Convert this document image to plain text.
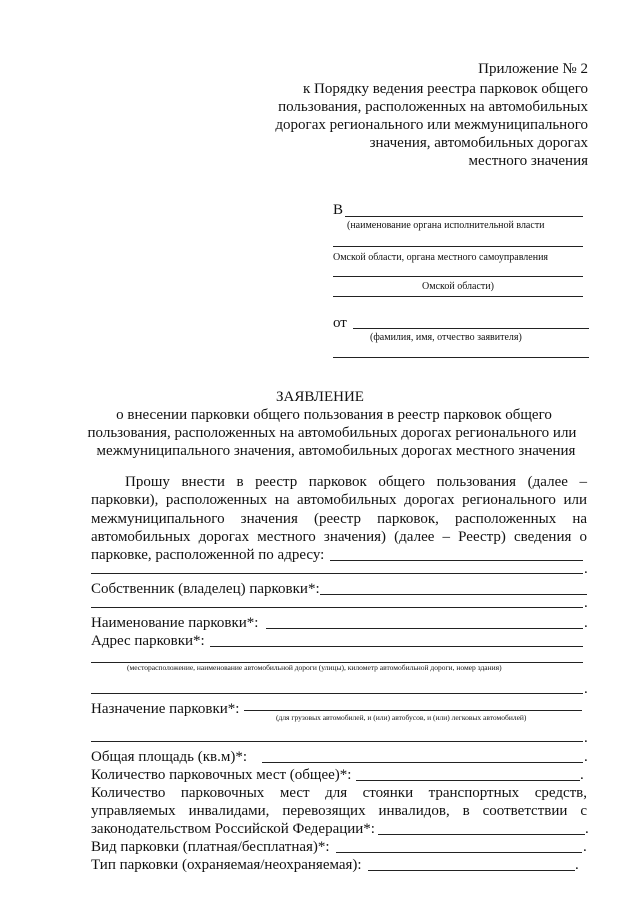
Приложение № 2
к Порядку ведения реестра парковок общего
пользования, расположенных на автомобильных
дорогах регионального или межмуниципального
значения, автомобильных дорогах
местного значения
В
(наименование органа исполнительной власти
Омской области, органа местного самоуправления
Омской области)
от
(фамилия, имя, отчество заявителя)
ЗАЯВЛЕНИЕ
о внесении парковки общего пользования в реестр парковок общего
пользования, расположенных на автомобильных дорогах регионального или
межмуниципального значения, автомобильных дорогах местного значения
Прошу внести в реестр парковок общего пользования (далее –
парковки), расположенных на автомобильных дорогах регионального или
межмуниципального значения (реестр парковок, расположенных на
автомобильных дорогах местного значения) (далее – Реестр) сведения о
парковке, расположенной по адресу:
.
Собственник (владелец) парковки*:
.
Наименование парковки*:	.
Адрес парковки*:
(месторасположение, наименование автомобильной дороги (улицы), километр автомобильной дороги, номер здания)
.
Назначение парковки*:
(для грузовых автомобилей, и (или) автобусов, и (или) легковых автомобилей)
.
Общая площадь (кв.м)*:	.
Количество парковочных мест (общее)*:	.
Количество парковочных мест для стоянки транспортных средств,
управляемых инвалидами, перевозящих инвалидов, в соответствии с
законодательством Российской Федерации*:	.
Вид парковки (платная/бесплатная)*:	.
Тип парковки (охраняемая/неохраняемая):	.
